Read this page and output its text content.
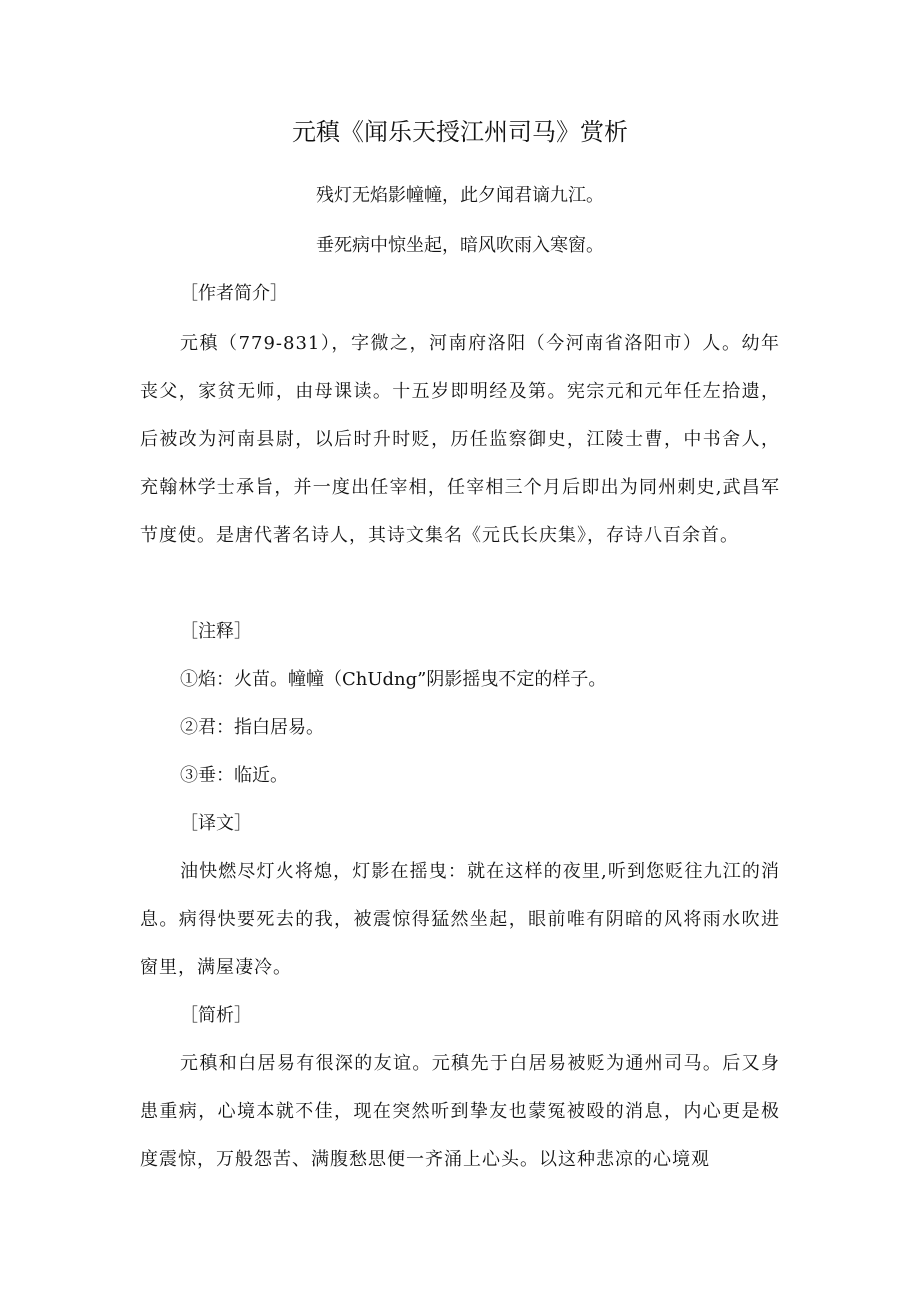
元稹《闻乐天授江州司马》赏析
残灯无焰影幢幢，此夕闻君谪九江。
垂死病中惊坐起，暗风吹雨入寒窗。
［作者简介］
元稹（779-831），字微之，河南府洛阳（今河南省洛阳市）人。幼年丧父，家贫无师，由母课读。十五岁即明经及第。宪宗元和元年任左拾遗，后被改为河南县尉，以后时升时贬，历任监察御史，江陵士曹，中书舍人，充翰林学士承旨，并一度出任宰相，任宰相三个月后即出为同州刺史,武昌军节度使。是唐代著名诗人，其诗文集名《元氏长庆集》，存诗八百余首。
［注释］
①焰：火苗。幢幢（ChUdng”阴影摇曳不定的样子。
②君：指白居易。
③垂：临近。
［译文］
油快燃尽灯火将熄，灯影在摇曳：就在这样的夜里,听到您贬往九江的消息。病得快要死去的我，被震惊得猛然坐起，眼前唯有阴暗的风将雨水吹进窗里，满屋凄冷。
［简析］
元稹和白居易有很深的友谊。元稹先于白居易被贬为通州司马。后又身患重病，心境本就不佳，现在突然听到挚友也蒙冤被殴的消息，内心更是极度震惊，万般怨苦、满腹愁思便一齐涌上心头。以这种悲凉的心境观
